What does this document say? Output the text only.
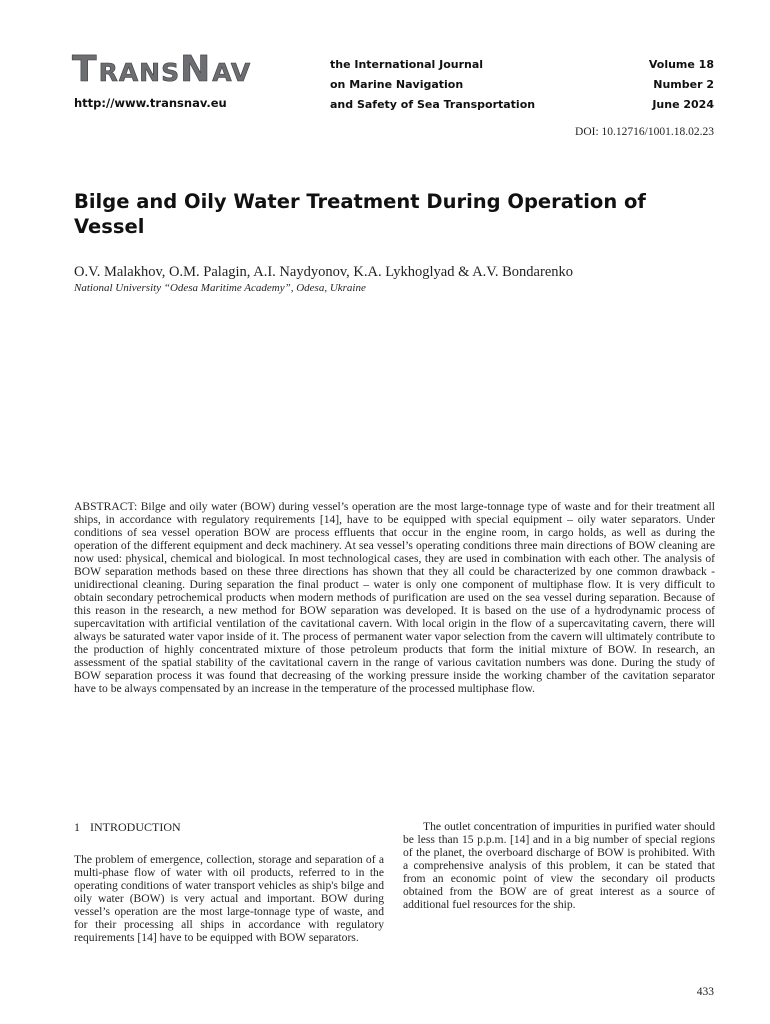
TRANSNAV
http://www.transnav.eu
the International Journal
on Marine Navigation
and Safety of Sea Transportation
Volume 18
Number 2
June 2024
DOI: 10.12716/1001.18.02.23
Bilge and Oily Water Treatment During Operation of Vessel
O.V. Malakhov, O.M. Palagin, A.I. Naydyonov, K.A. Lykhoglyad & A.V. Bondarenko
National University “Odesa Maritime Academy”, Odesa, Ukraine

ABSTRACT: Bilge and oily water (BOW) during vessel’s operation are the most large-tonnage type of waste and for their treatment all ships, in accordance with regulatory requirements [14], have to be equipped with special equipment – oily water separators. Under conditions of sea vessel operation BOW are process effluents that occur in the engine room, in cargo holds, as well as during the operation of the different equipment and deck machinery. At sea vessel’s operating conditions three main directions of BOW cleaning are now used: physical, chemical and biological. In most technological cases, they are used in combination with each other. The analysis of BOW separation methods based on these three directions has shown that they all could be characterized by one common drawback - unidirectional cleaning. During separation the final product – water is only one component of multiphase flow. It is very difficult to obtain secondary petrochemical products when modern methods of purification are used on the sea vessel during separation. Because of this reason in the research, a new method for BOW separation was developed. It is based on the use of a hydrodynamic process of supercavitation with artificial ventilation of the cavitational cavern. With local origin in the flow of a supercavitating cavern, there will always be saturated water vapor inside of it. The process of permanent water vapor selection from the cavern will ultimately contribute to the production of highly concentrated mixture of those petroleum products that form the initial mixture of BOW. In research, an assessment of the spatial stability of the cavitational cavern in the range of various cavitation numbers was done. During the study of BOW separation process it was found that decreasing of the working pressure inside the working chamber of the cavitation separator have to be always compensated by an increase in the temperature of the processed multiphase flow.

1 INTRODUCTION

The problem of emergence, collection, storage and separation of a multi-phase flow of water with oil products, referred to in the operating conditions of water transport vehicles as ship's bilge and oily water (BOW) is very actual and important. BOW during vessel’s operation are the most large-tonnage type of waste, and for their processing all ships in accordance with regulatory requirements [14] have to be equipped with BOW separators.

The outlet concentration of impurities in purified water should be less than 15 p.p.m. [14] and in a big number of special regions of the planet, the overboard discharge of BOW is prohibited. With a comprehensive analysis of this problem, it can be stated that from an economic point of view the secondary oil products obtained from the BOW are of great interest as a source of additional fuel resources for the ship.

433
